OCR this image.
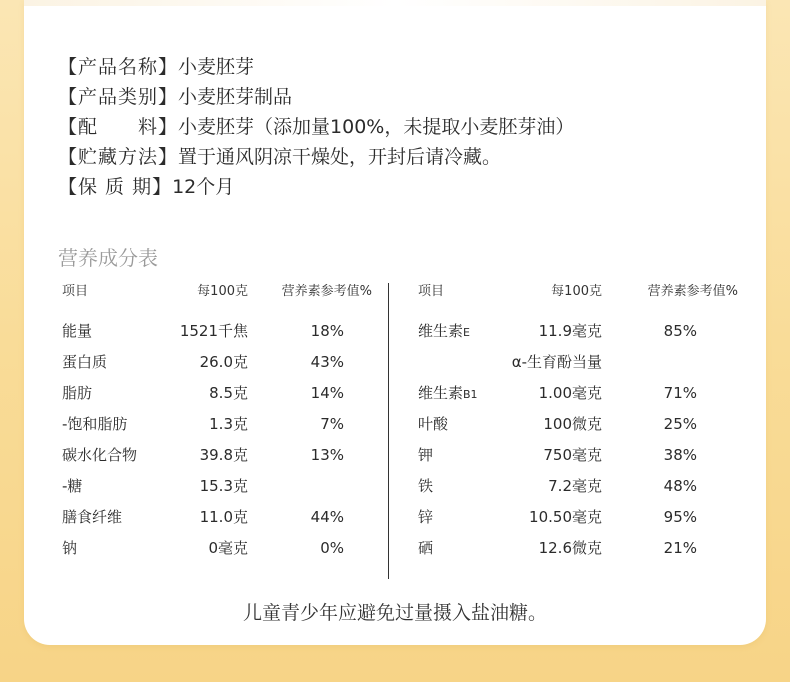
【产品名称】小麦胚芽
【产品类别】小麦胚芽制品
【配　　料】小麦胚芽（添加量100%，未提取小麦胚芽油）
【贮藏方法】置于通风阴凉干燥处，开封后请冷藏。
【保 质 期】12个月
营养成分表
项目	每100克	营养素参考值%
能量	1521千焦	18%
蛋白质	26.0克	43%
脂肪	8.5克	14%
-饱和脂肪	1.3克	7%
碳水化合物	39.8克	13%
-糖	15.3克
膳食纤维	11.0克	44%
钠	0毫克	0%
项目	每100克	营养素参考值%
维生素E	11.9毫克	85%
α-生育酚当量
维生素B1	1.00毫克	71%
叶酸	100微克	25%
钾	750毫克	38%
铁	7.2毫克	48%
锌	10.50毫克	95%
硒	12.6微克	21%
儿童青少年应避免过量摄入盐油糖。
